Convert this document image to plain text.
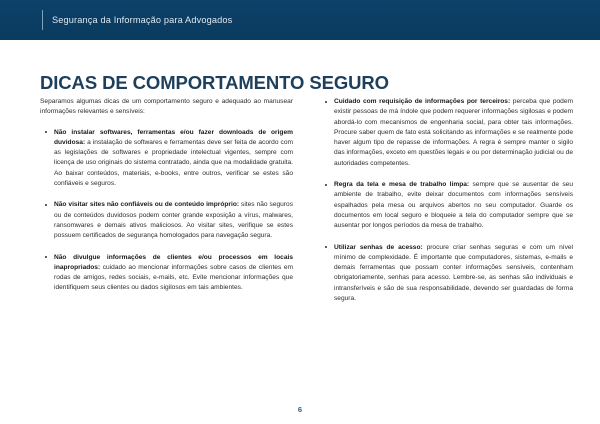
Segurança da Informação para Advogados
DICAS DE COMPORTAMENTO SEGURO

Separamos algumas dicas de um comportamento seguro e adequado ao manusear informações relevantes e sensíveis:

Não instalar softwares, ferramentas e/ou fazer downloads de origem duvidosa: a instalação de softwares e ferramentas deve ser feita de acordo com as legislações de softwares e propriedade intelectual vigentes, sempre com licença de uso originais do sistema contratado, ainda que na modalidade gratuita. Ao baixar conteúdos, materiais, e-books, entre outros, verificar se estes são confiáveis e seguros.
Não visitar sites não confiáveis ou de conteúdo impróprio: sites não seguros ou de conteúdos duvidosos podem conter grande exposição a vírus, malwares, ransomwares e demais ativos maliciosos. Ao visitar sites, verifique se estes possuem certificados de segurança homologados para navegação segura.
Não divulgue informações de clientes e/ou processos em locais inapropriados: cuidado ao mencionar informações sobre casos de clientes em rodas de amigos, redes sociais, e-mails, etc. Evite mencionar informações que identifiquem seus clientes ou dados sigilosos em tais ambientes.
Cuidado com requisição de informações por terceiros: perceba que podem existir pessoas de má índole que podem requerer informações sigilosas e podem abordá-lo com mecanismos de engenharia social, para obter tais informações. Procure saber quem de fato está solicitando as informações e se realmente pode haver algum tipo de repasse de informações. A regra é sempre manter o sigilo das informações, exceto em questões legais e ou por determinação judicial ou de autoridades competentes.
Regra da tela e mesa de trabalho limpa: sempre que se ausentar de seu ambiente de trabalho, evite deixar documentos com informações sensíveis espalhados pela mesa ou arquivos abertos no seu computador. Guarde os documentos em local seguro e bloqueie a tela do computador sempre que se ausentar por longos períodos da mesa de trabalho.
Utilizar senhas de acesso: procure criar senhas seguras e com um nível mínimo de complexidade. É importante que computadores, sistemas, e-mails e demais ferramentas que possam conter informações sensíveis, contenham obrigatoriamente, senhas para acesso. Lembre-se, as senhas são individuais e intransferíveis e são de sua responsabilidade, devendo ser guardadas de forma segura.
6
